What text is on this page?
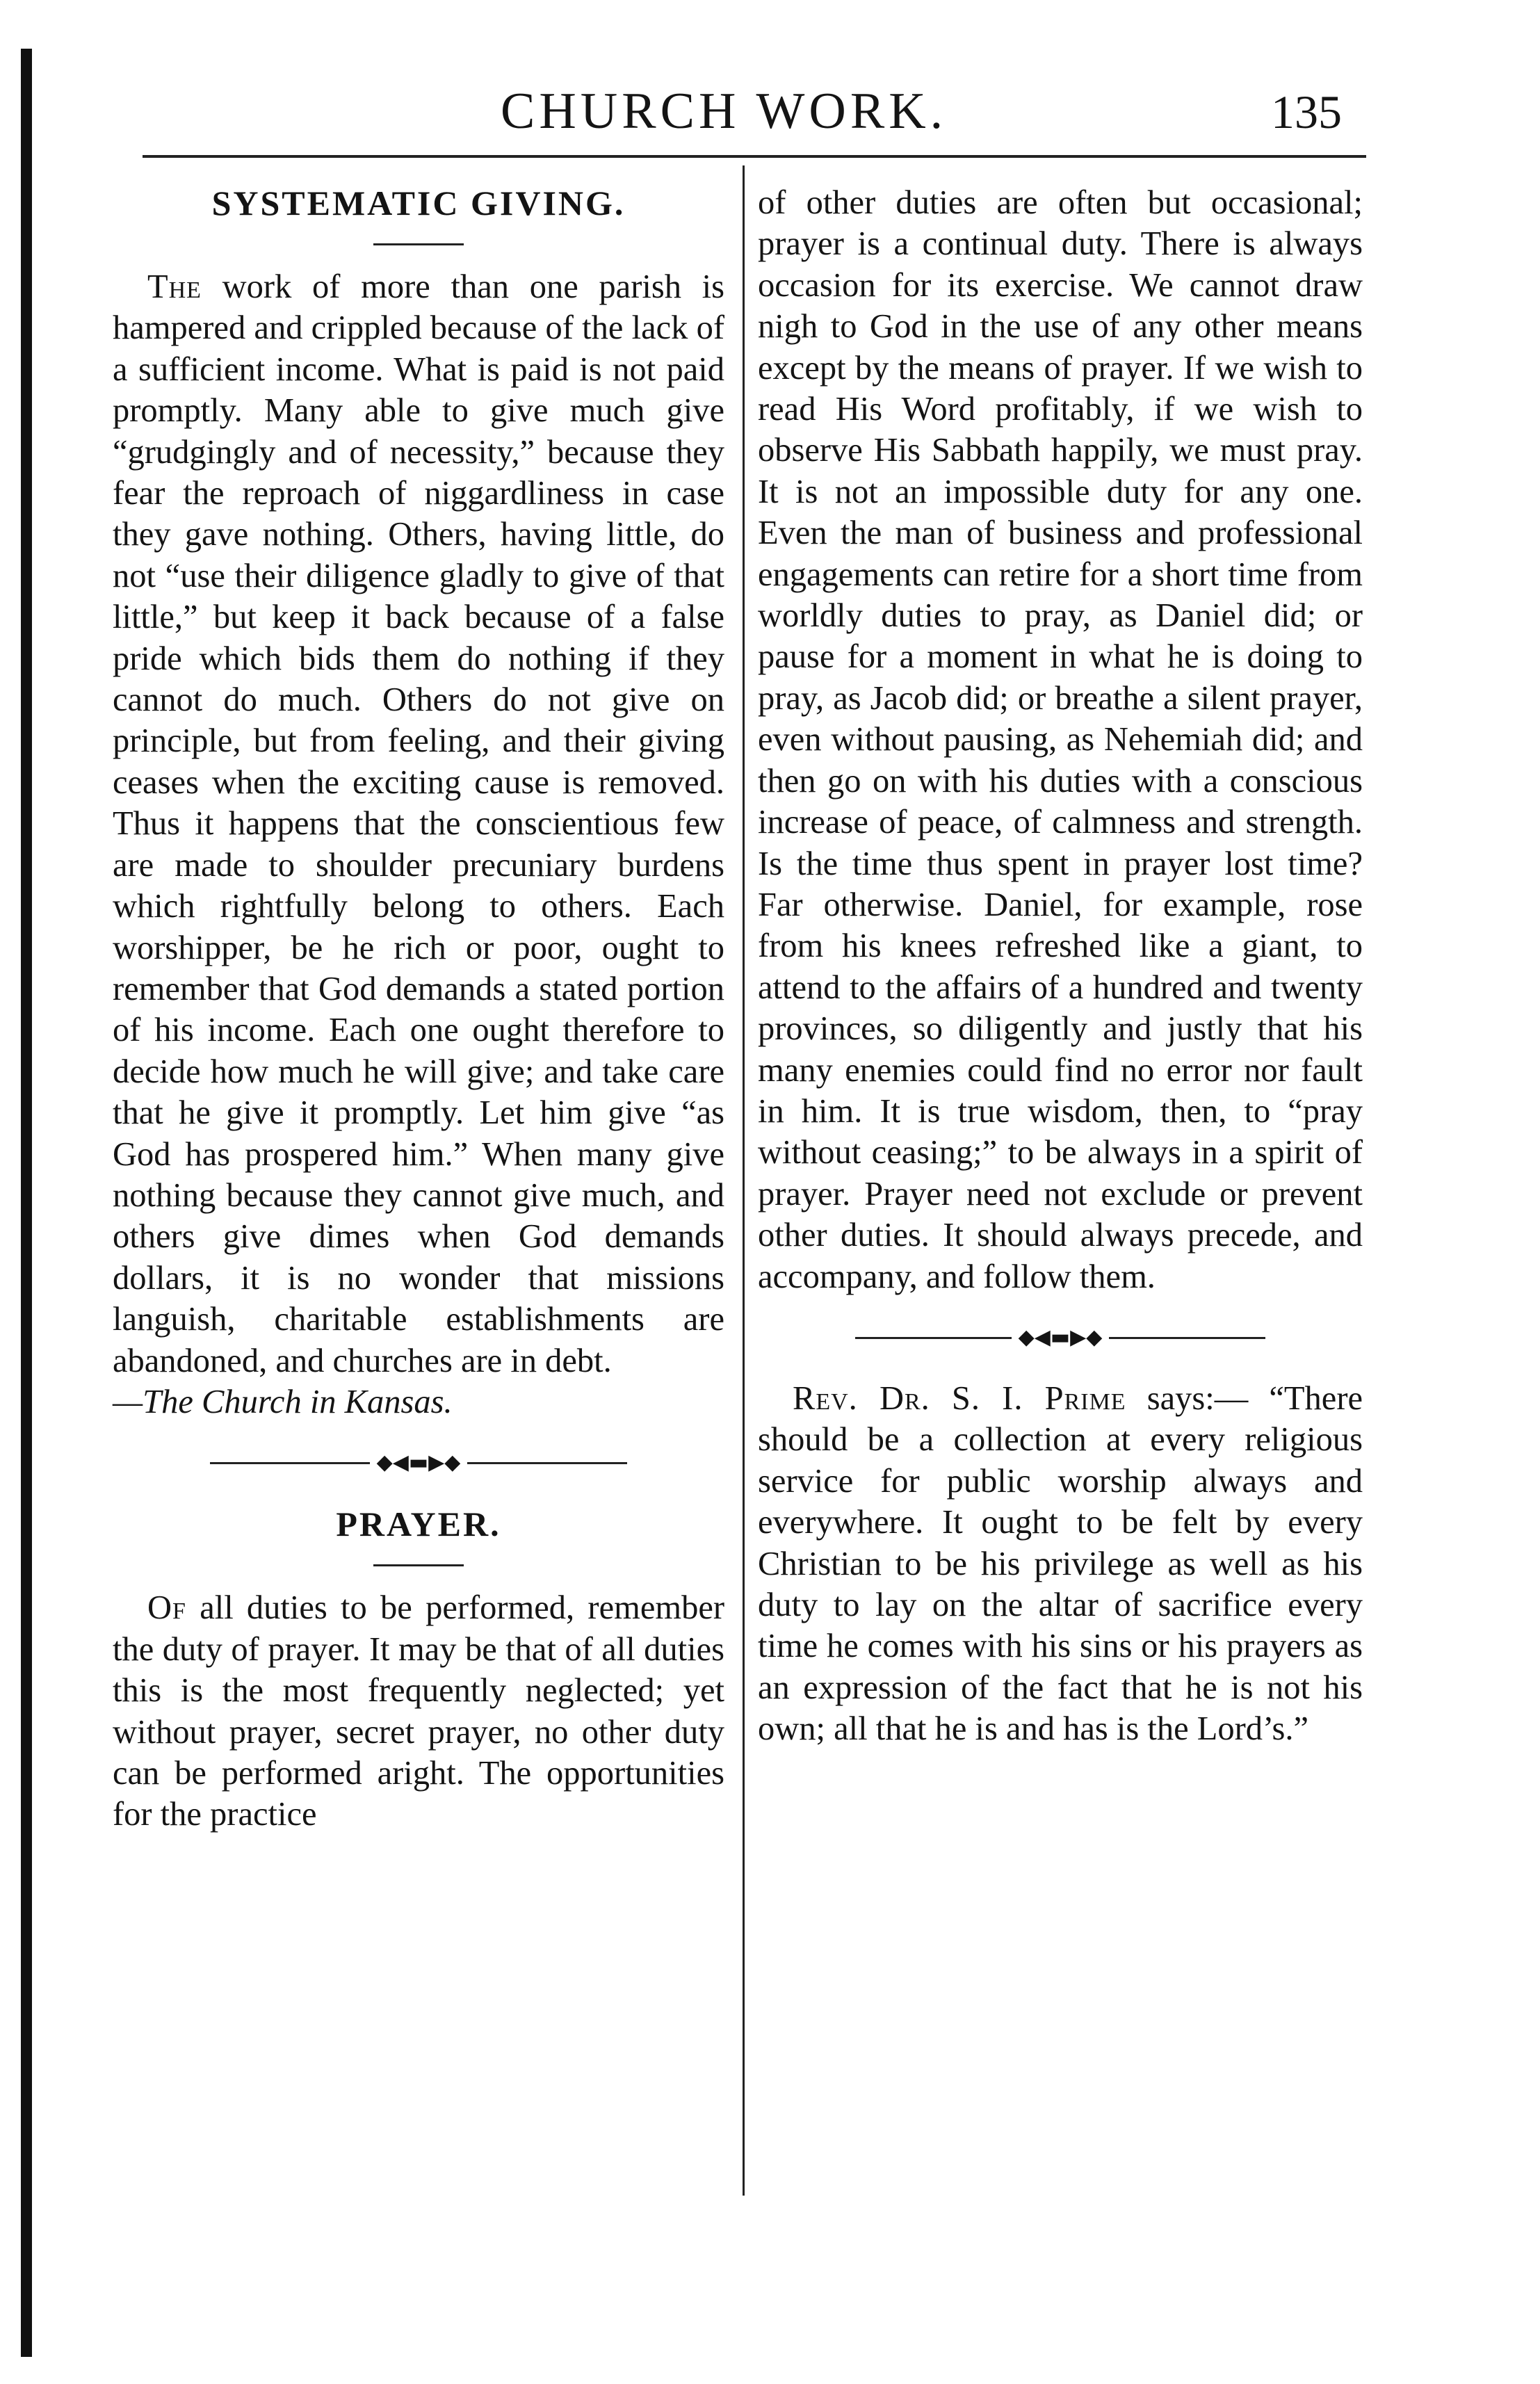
CHURCH WORK.	135
SYSTEMATIC GIVING.

The work of more than one parish is hampered and crippled because of the lack of a sufficient income. What is paid is not paid promptly. Many able to give much give “grudgingly and of necessity,” because they fear the reproach of niggardliness in case they gave nothing. Others, having little, do not “use their diligence gladly to give of that little,” but keep it back because of a false pride which bids them do nothing if they cannot do much. Others do not give on principle, but from feeling, and their giving ceases when the exciting cause is removed. Thus it happens that the conscientious few are made to shoulder precuniary burdens which rightfully belong to others. Each worshipper, be he rich or poor, ought to remember that God demands a stated portion of his income. Each one ought therefore to decide how much he will give; and take care that he give it promptly. Let him give “as God has prospered him.” When many give nothing because they cannot give much, and others give dimes when God demands dollars, it is no wonder that missions languish, charitable establishments are abandoned, and churches are in debt.

—The Church in Kansas.

◆◀▬▶◆
PRAYER.

Of all duties to be performed, remember the duty of prayer. It may be that of all duties this is the most frequently neglected; yet without prayer, secret prayer, no other duty can be performed aright. The opportunities for the practice

of other duties are often but occasional; prayer is a continual duty. There is always occasion for its exercise. We cannot draw nigh to God in the use of any other means except by the means of prayer. If we wish to read His Word profitably, if we wish to observe His Sabbath happily, we must pray. It is not an impossible duty for any one. Even the man of business and professional engagements can retire for a short time from worldly duties to pray, as Daniel did; or pause for a moment in what he is doing to pray, as Jacob did; or breathe a silent prayer, even without pausing, as Nehemiah did; and then go on with his duties with a conscious increase of peace, of calmness and strength. Is the time thus spent in prayer lost time? Far otherwise. Daniel, for example, rose from his knees refreshed like a giant, to attend to the affairs of a hundred and twenty provinces, so diligently and justly that his many enemies could find no error nor fault in him. It is true wisdom, then, to “pray without ceasing;” to be always in a spirit of prayer. Prayer need not exclude or prevent other duties. It should always precede, and accompany, and follow them.

◆◀▬▶◆

Rev. Dr. S. I. Prime says:— “There should be a collection at every religious service for public worship always and everywhere. It ought to be felt by every Christian to be his privilege as well as his duty to lay on the altar of sacrifice every time he comes with his sins or his prayers as an expression of the fact that he is not his own; all that he is and has is the Lord’s.”
